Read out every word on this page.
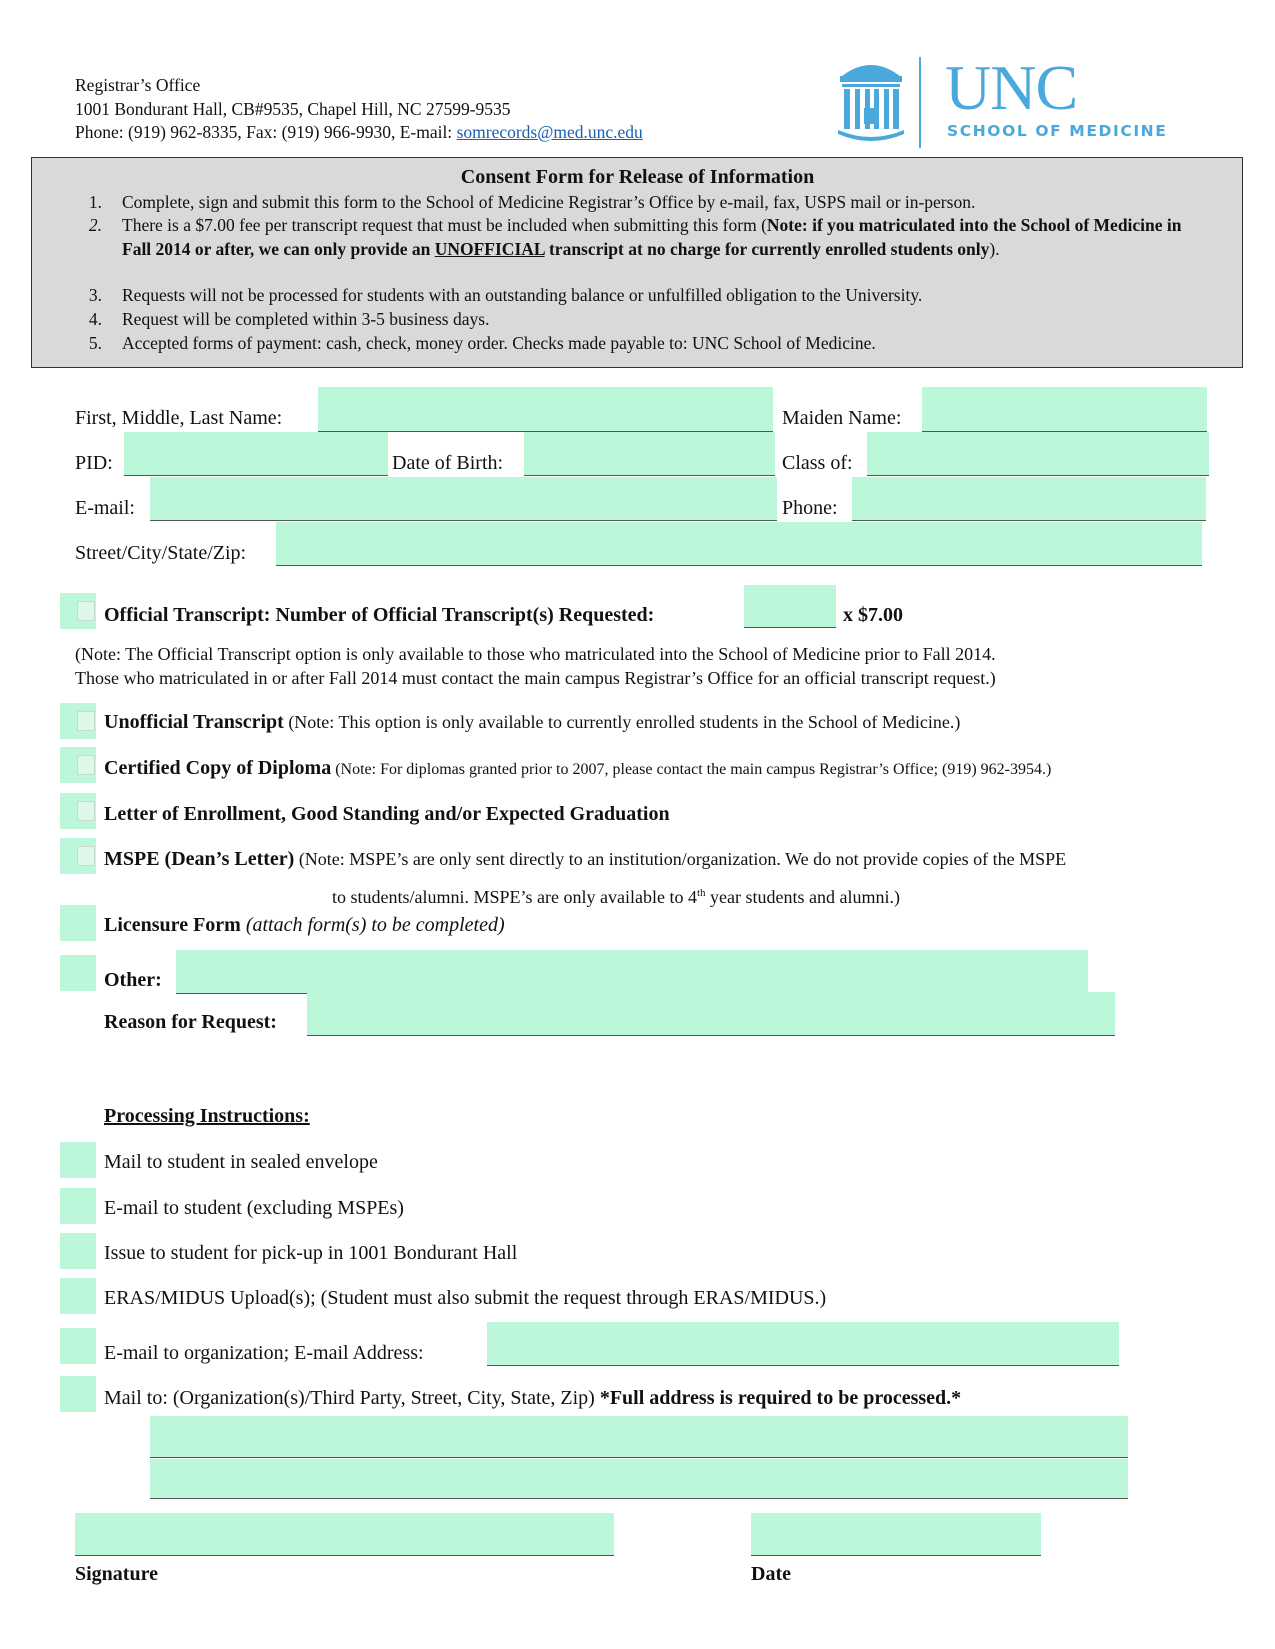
Registrar’s Office
1001 Bondurant Hall, CB#9535, Chapel Hill, NC 27599-9535
Phone: (919) 962-8335, Fax: (919) 966-9930, E-mail: somrecords@med.unc.edu
UNC
SCHOOL OF MEDICINE
Consent Form for Release of Information
1. Complete, sign and submit this form to the School of Medicine Registrar’s Office by e-mail, fax, USPS mail or in-person.
2. There is a $7.00 fee per transcript request that must be included when submitting this form (Note: if you matriculated into the School of Medicine in Fall 2014 or after, we can only provide an UNOFFICIAL transcript at no charge for currently enrolled students only).
3. Requests will not be processed for students with an outstanding balance or unfulfilled obligation to the University.
4. Request will be completed within 3-5 business days.
5. Accepted forms of payment: cash, check, money order. Checks made payable to: UNC School of Medicine.
First, Middle, Last Name:	Maiden Name:
PID:	Date of Birth:	Class of:
E-mail:	Phone:
Street/City/State/Zip:
Official Transcript: Number of Official Transcript(s) Requested:	x $7.00
(Note: The Official Transcript option is only available to those who matriculated into the School of Medicine prior to Fall 2014.
Those who matriculated in or after Fall 2014 must contact the main campus Registrar’s Office for an official transcript request.)
Unofficial Transcript (Note: This option is only available to currently enrolled students in the School of Medicine.)
Certified Copy of Diploma (Note: For diplomas granted prior to 2007, please contact the main campus Registrar’s Office; (919) 962-3954.)
Letter of Enrollment, Good Standing and/or Expected Graduation
MSPE (Dean’s Letter) (Note: MSPE’s are only sent directly to an institution/organization. We do not provide copies of the MSPE
to students/alumni. MSPE’s are only available to 4th year students and alumni.)
Licensure Form (attach form(s) to be completed)
Other:
Reason for Request:
Processing Instructions:
Mail to student in sealed envelope
E-mail to student (excluding MSPEs)
Issue to student for pick-up in 1001 Bondurant Hall
ERAS/MIDUS Upload(s); (Student must also submit the request through ERAS/MIDUS.)
E-mail to organization; E-mail Address:
Mail to: (Organization(s)/Third Party, Street, City, State, Zip) *Full address is required to be processed.*
Signature	Date
